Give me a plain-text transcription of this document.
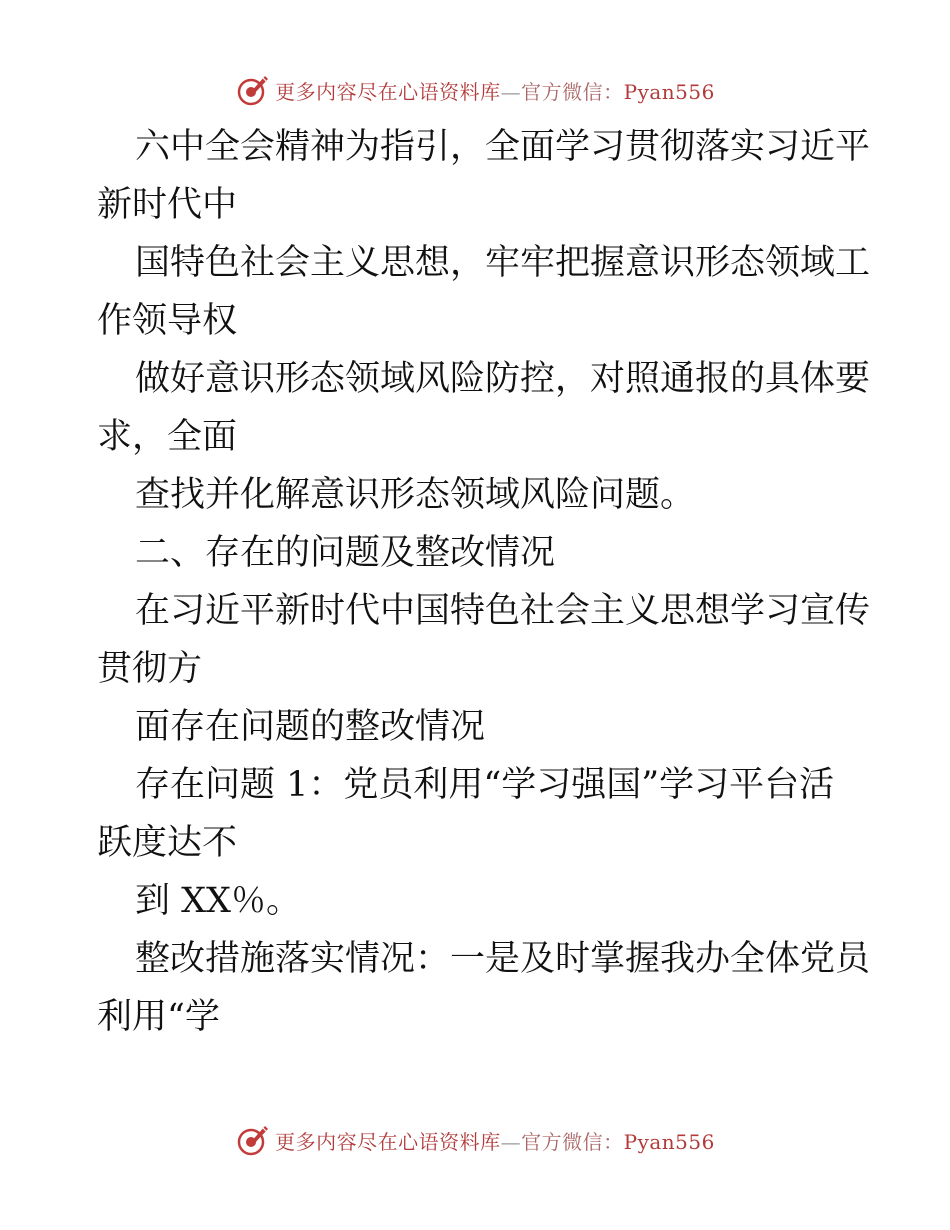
更多内容尽在心语资料库—官方微信：Pyan556

六中全会精神为指引，全面学习贯彻落实习近平

新时代中

国特色社会主义思想，牢牢把握意识形态领域工

作领导权

做好意识形态领域风险防控，对照通报的具体要

求，全面

查找并化解意识形态领域风险问题。

二、存在的问题及整改情况

在习近平新时代中国特色社会主义思想学习宣传

贯彻方

面存在问题的整改情况

存在问题 1：党员利用“学习强国”学习平台活

跃度达不

到 XX％。

整改措施落实情况：一是及时掌握我办全体党员

利用“学

更多内容尽在心语资料库—官方微信：Pyan556
